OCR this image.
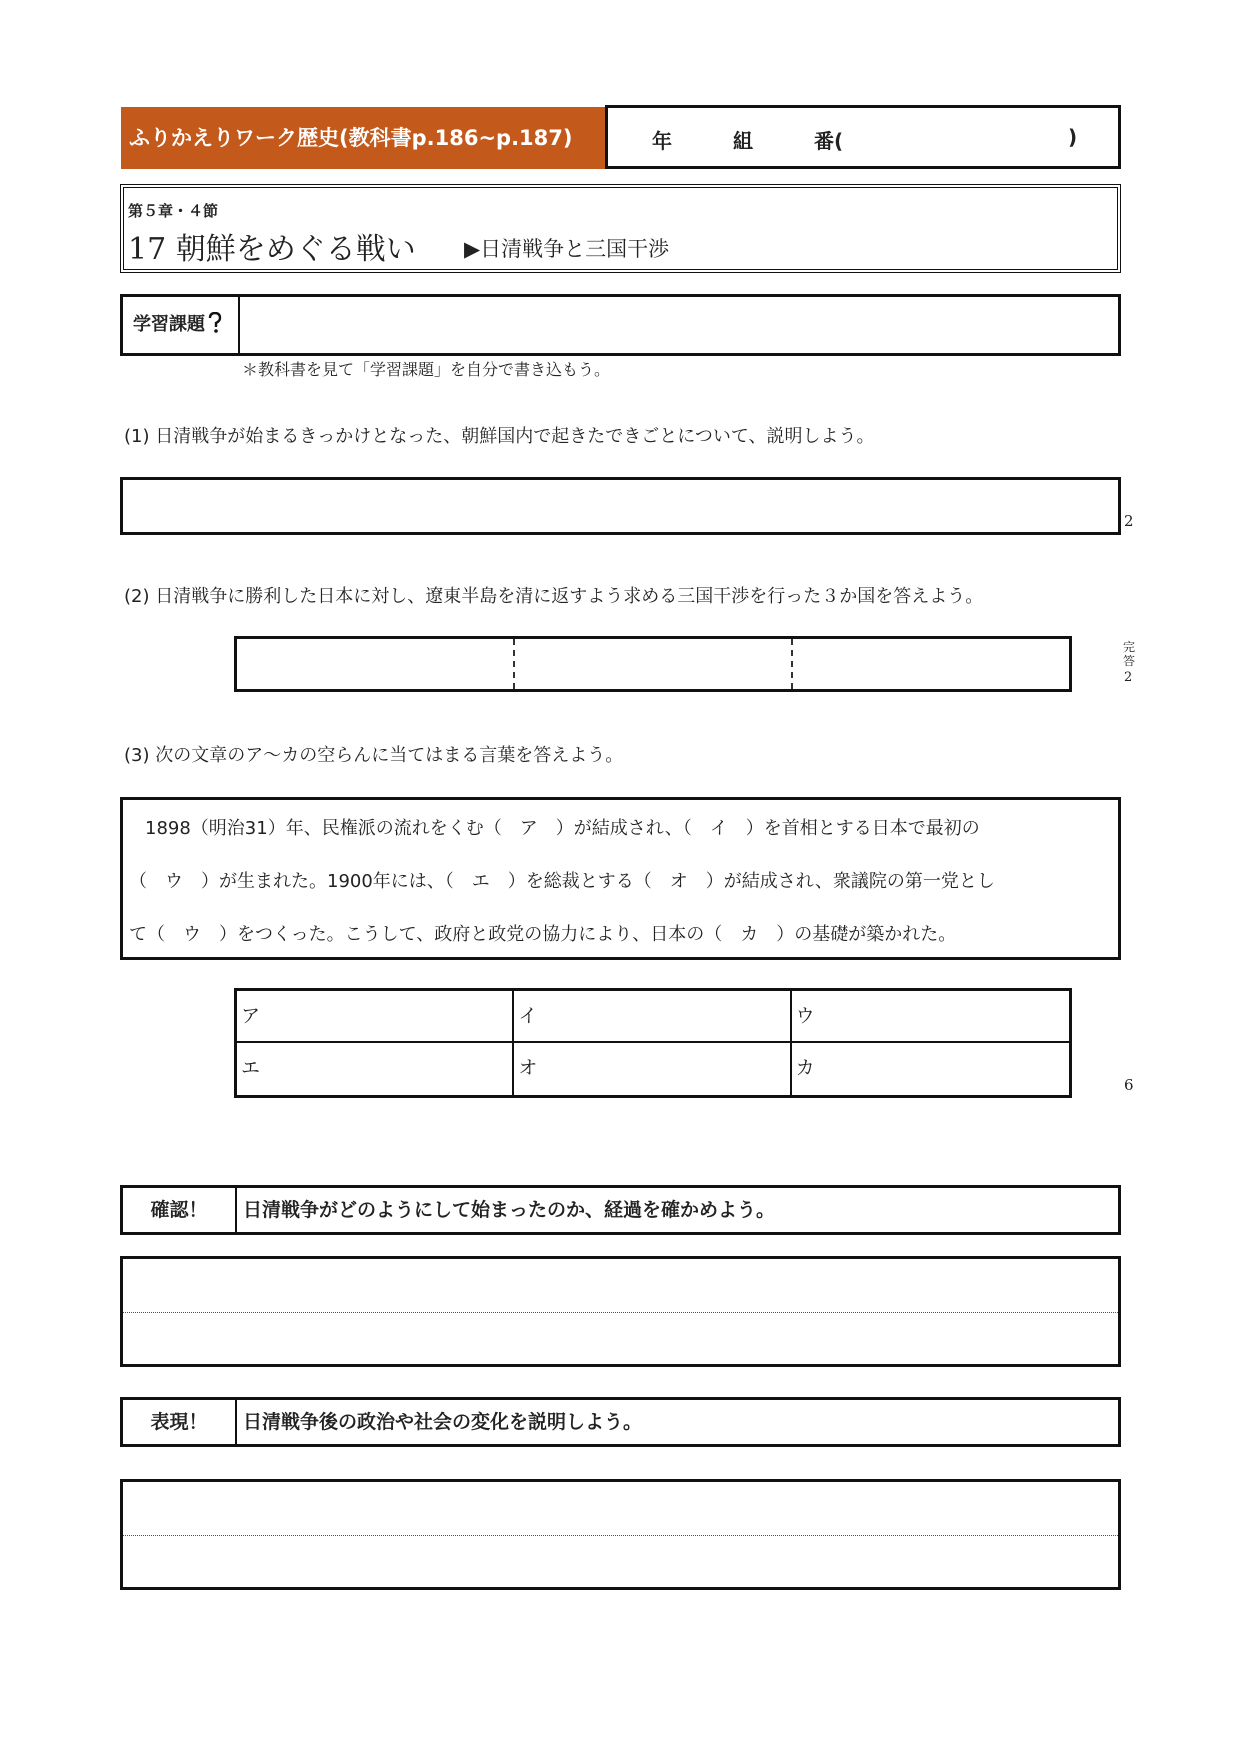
ふりかえりワーク歴史(教科書p.186~p.187)	年	組	番(	)
第５章・４節
17 朝鮮をめぐる戦い ▶日清戦争と三国干渉
学習課題
＊教科書を見て「学習課題」を自分で書き込もう。
(1) 日清戦争が始まるきっかけとなった、朝鮮国内で起きたできごとについて、説明しよう。
2
(2) 日清戦争に勝利した日本に対し、遼東半島を清に返すよう求める三国干渉を行った３か国を答えよう。
完答
2
(3) 次の文章のア～カの空らんに当てはまる言葉を答えよう。

1898（明治31）年、民権派の流れをくむ（　ア　）が結成され、（　イ　）を首相とする日本で最初の

（　ウ　）が生まれた。1900年には、（　エ　）を総裁とする（　オ　）が結成され、衆議院の第一党とし

て（　ウ　）をつくった。こうして、政府と政党の協力により、日本の（　カ　）の基礎が築かれた。

ア	イ	ウ
エ	オ	カ
6
確認！	日清戦争がどのようにして始まったのか、経過を確かめよう。
表現！	日清戦争後の政治や社会の変化を説明しよう。
